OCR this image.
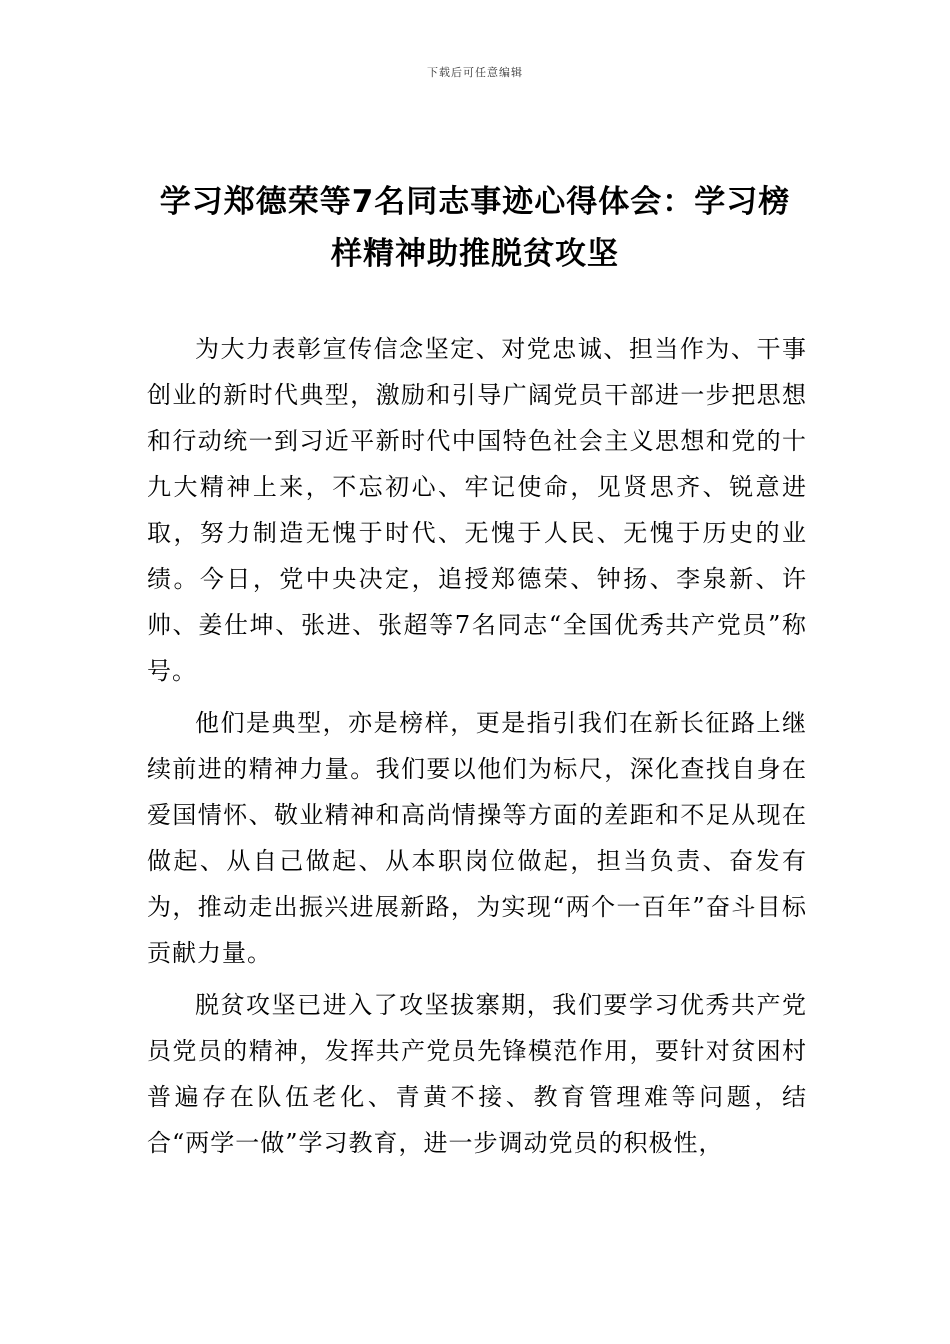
下载后可任意编辑
学习郑德荣等7名同志事迹心得体会：学习榜样精神助推脱贫攻坚

为大力表彰宣传信念坚定、对党忠诚、担当作为、干事创业的新时代典型，激励和引导广阔党员干部进一步把思想和行动统一到习近平新时代中国特色社会主义思想和党的十九大精神上来，不忘初心、牢记使命，见贤思齐、锐意进取，努力制造无愧于时代、无愧于人民、无愧于历史的业绩。今日，党中央决定，追授郑德荣、钟扬、李泉新、许帅、姜仕坤、张进、张超等7名同志“全国优秀共产党员”称号。

他们是典型，亦是榜样，更是指引我们在新长征路上继续前进的精神力量。我们要以他们为标尺，深化查找自身在爱国情怀、敬业精神和高尚情操等方面的差距和不足从现在做起、从自己做起、从本职岗位做起，担当负责、奋发有为，推动走出振兴进展新路，为实现“两个一百年”奋斗目标贡献力量。

脱贫攻坚已进入了攻坚拔寨期，我们要学习优秀共产党员党员的精神，发挥共产党员先锋模范作用，要针对贫困村普遍存在队伍老化、青黄不接、教育管理难等问题，结合“两学一做”学习教育，进一步调动党员的积极性，
